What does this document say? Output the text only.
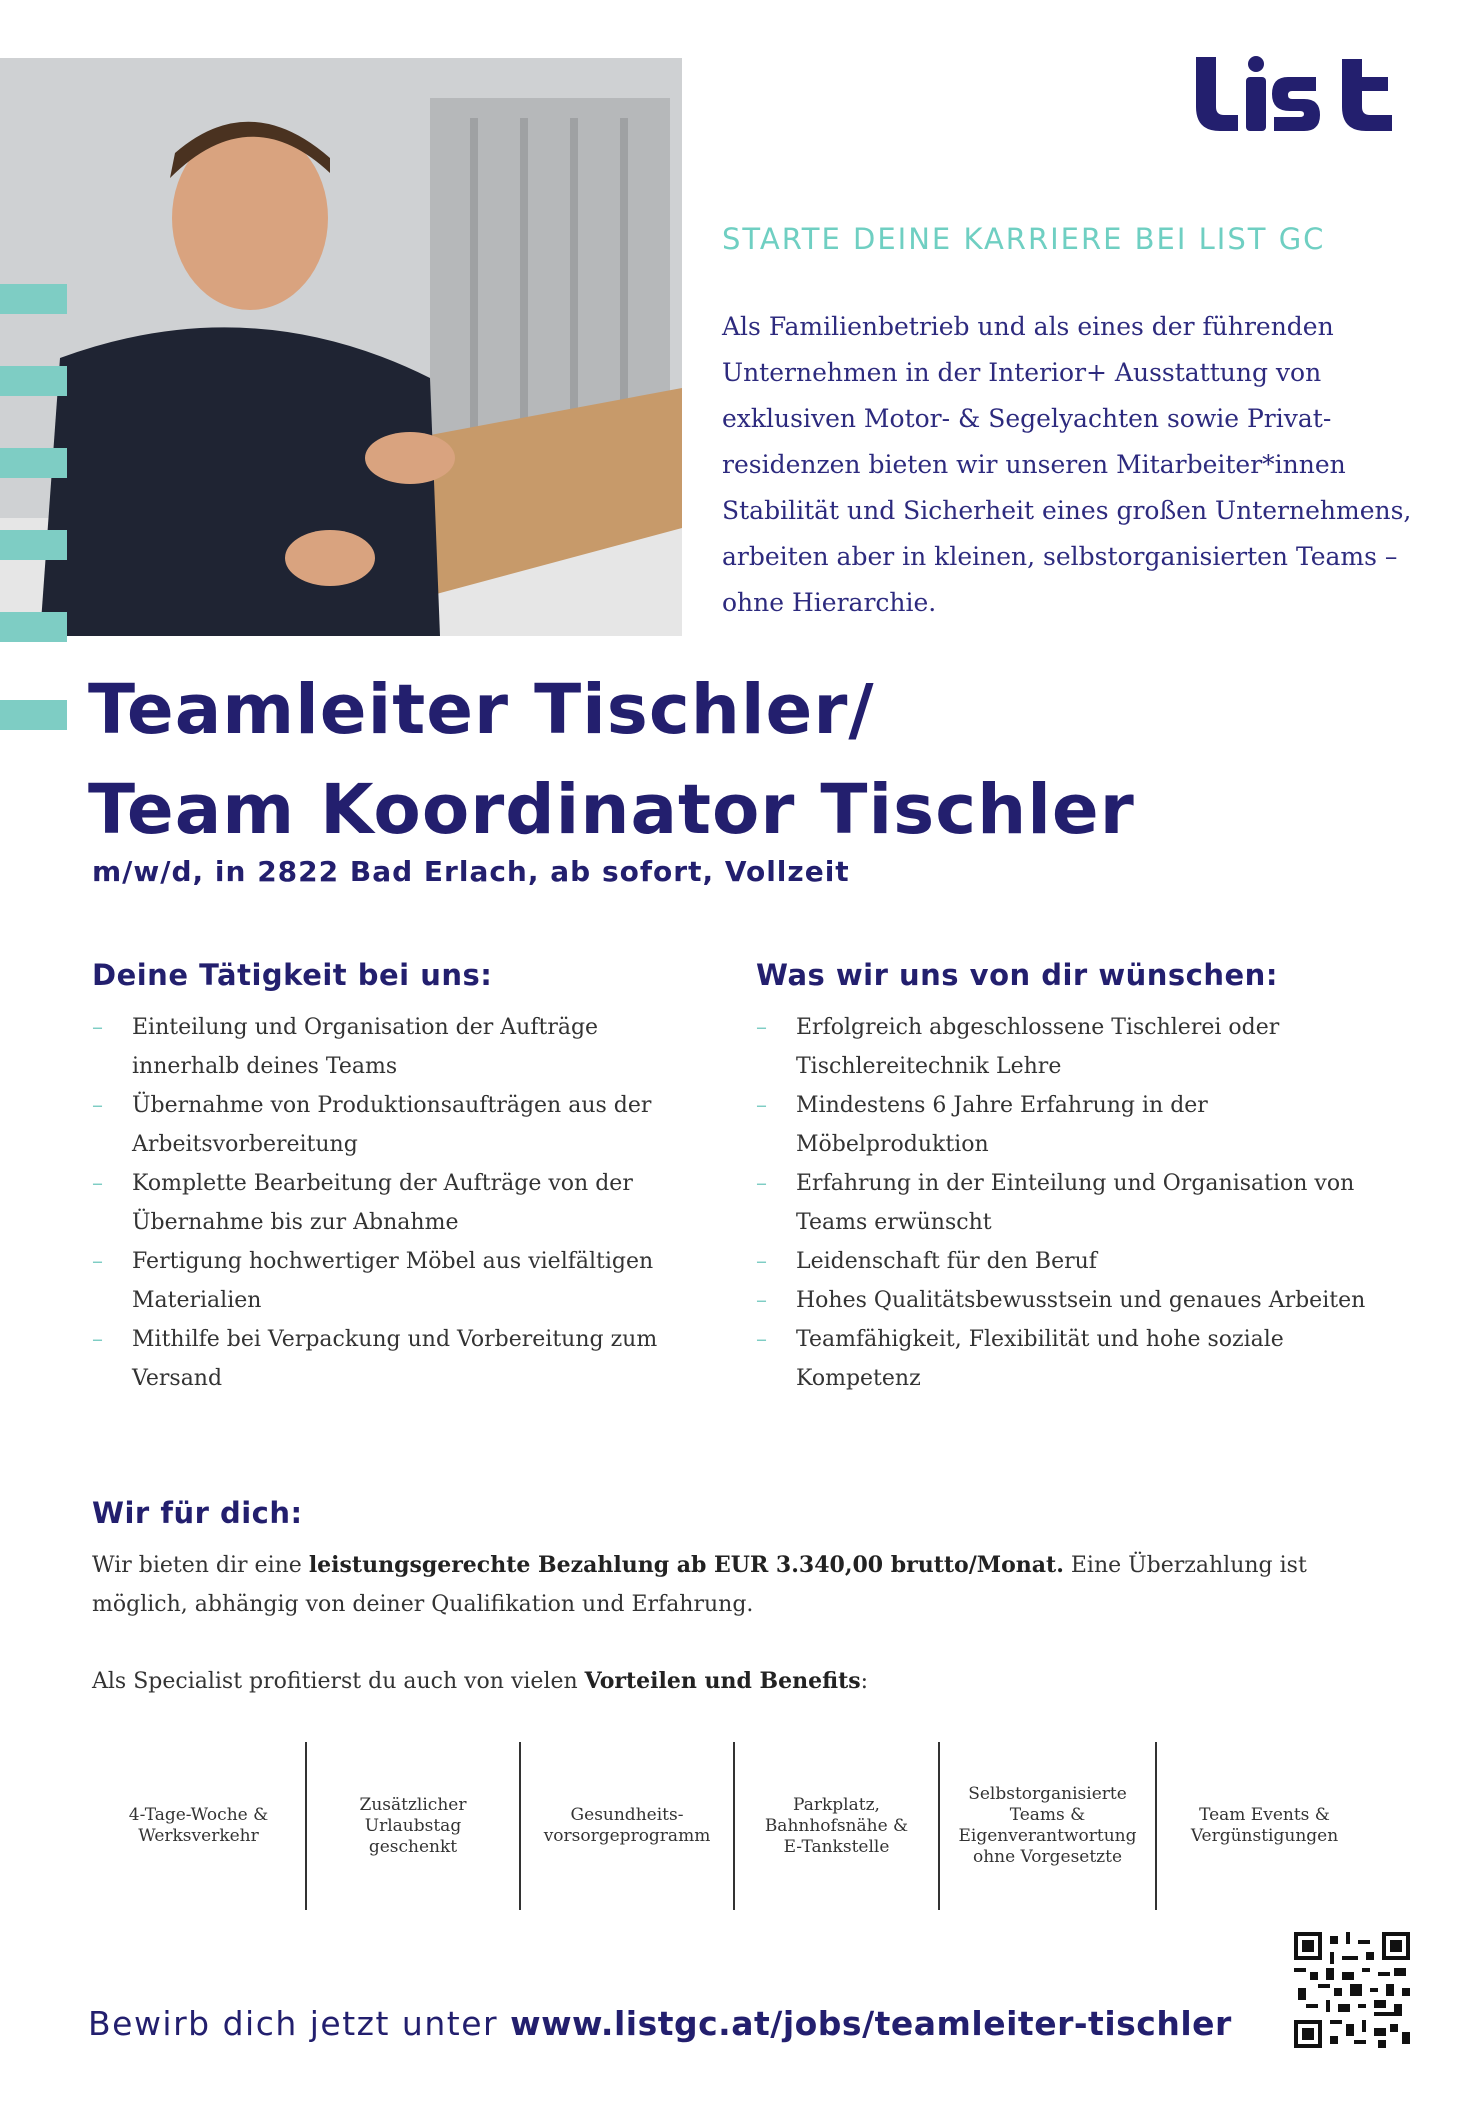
STARTE DEINE KARRIERE BEI LIST GC
Als Familienbetrieb und als eines der führenden
Unternehmen in der Interior+ Ausstattung von
exklusiven Motor- & Segelyachten sowie Privat-
residenzen bieten wir unseren Mitarbeiter*innen
Stabilität und Sicherheit eines großen Unternehmens,
arbeiten aber in kleinen, selbstorganisierten Teams –
ohne Hierarchie.
Teamleiter Tischler/
Team Koordinator Tischler
m/w/d, in 2822 Bad Erlach, ab sofort, Vollzeit
Deine Tätigkeit bei uns:
– Einteilung und Organisation der Aufträge innerhalb deines Teams
– Übernahme von Produktionsaufträgen aus der Arbeitsvorbereitung
– Komplette Bearbeitung der Aufträge von der Übernahme bis zur Abnahme
– Fertigung hochwertiger Möbel aus vielfältigen Materialien
– Mithilfe bei Verpackung und Vorbereitung zum Versand
Was wir uns von dir wünschen:
– Erfolgreich abgeschlossene Tischlerei oder Tischlereitechnik Lehre
– Mindestens 6 Jahre Erfahrung in der Möbelproduktion
– Erfahrung in der Einteilung und Organisation von Teams erwünscht
– Leidenschaft für den Beruf
– Hohes Qualitätsbewusstsein und genaues Arbeiten
– Teamfähigkeit, Flexibilität und hohe soziale Kompetenz
Wir für dich:
Wir bieten dir eine leistungsgerechte Bezahlung ab EUR 3.340,00 brutto/Monat. Eine Überzahlung ist möglich, abhängig von deiner Qualifikation und Erfahrung.
Als Specialist profitierst du auch von vielen Vorteilen und Benefits:
4-Tage-Woche &
Werksverkehr
Zusätzlicher
Urlaubstag
geschenkt
Gesundheits-
vorsorgeprogramm
Parkplatz,
Bahnhofsnähe &
E-Tankstelle
Selbstorganisierte
Teams &
Eigenverantwortung
ohne Vorgesetzte
Team Events &
Vergünstigungen
Bewirb dich jetzt unter www.listgc.at/jobs/teamleiter-tischler
